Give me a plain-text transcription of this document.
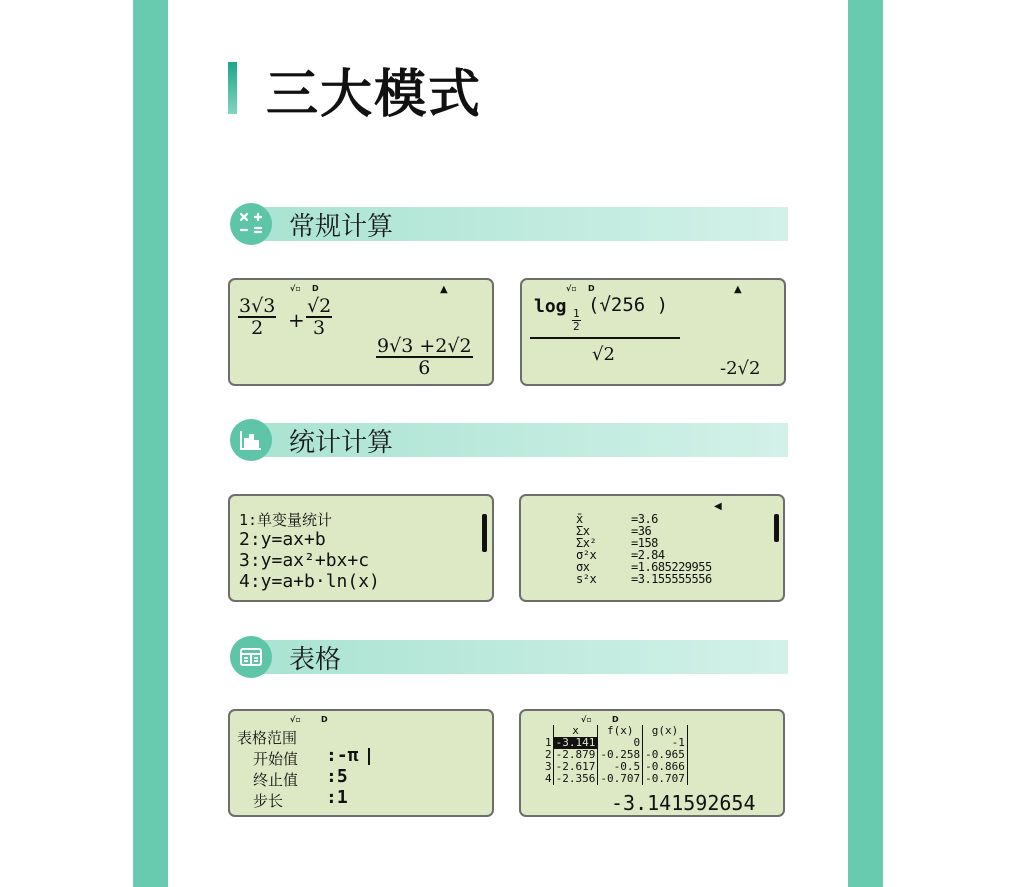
三大模式
常规计算
统计计算
表格
√▫ D	▲
$\frac{3√3}{2} + \frac{√2}{3}$
$\frac{9√3 +2√2}{6}$
√▫ D	▲
log
$\frac{1}{2}$
(√256 )
√2
-2√2
1:单变量统计
2:y=ax+b
3:y=ax²+bx+c
4:y=a+b·ln(x)
◀
x̄	=3.6
Σx	=36
Σx²	=158
σ²x	=2.84
σx	=1.685229955
s²x	=3.155555556
√▫	D
表格范围
开始值 :-π
终止值 :5
步长 :1
√▫	D
	x	f(x)	g(x)	
1	-3.141	0	-1	
2	-2.879	-0.258	-0.965	
3	-2.617	-0.5	-0.866	
4	-2.356	-0.707	-0.707	
-3.141592654
